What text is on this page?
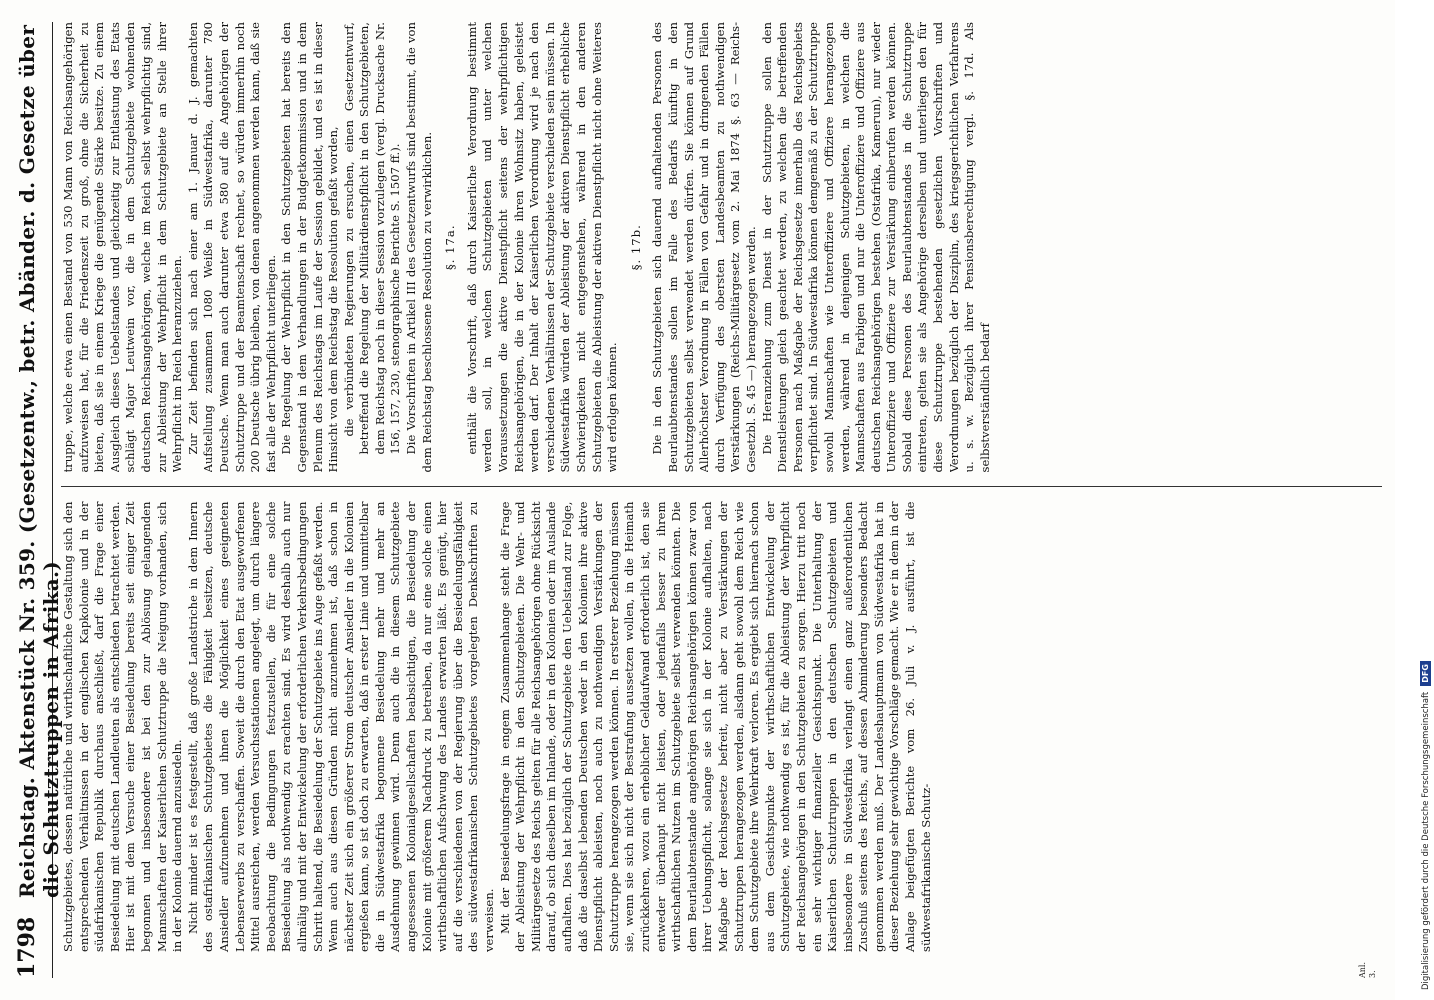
1798
Reichstag. Aktenstück Nr. 359. (Gesetzentw., betr. Abänder. d. Gesetze über die Schutztruppen in Afrika.)
Anl. 3.

Schutzgebietes, dessen natürliche und wirthschaftliche Gestaltung sich den entsprechenden Verhältnissen in der englischen Kapkolonie und in der südafrikanischen Republik durchaus anschließt, darf die Frage einer Besiedelung mit deutschen Landleuten als entschieden betrachtet werden. Hier ist mit dem Versuche einer Besiedelung bereits seit einiger Zeit begonnen und insbesondere ist bei den zur Ablösung gelangenden Mannschaften der Kaiserlichen Schutztruppe die Neigung vorhanden, sich in der Kolonie dauernd anzusiedeln. Nicht minder ist es festgestellt, daß große Landstriche in dem Innern des ostafrikanischen Schutzgebietes die Fähigkeit besitzen, deutsche Ansiedler aufzunehmen und ihnen die Möglichkeit eines geeigneten Lebenserwerbs zu verschaffen. Soweit die durch den Etat ausgeworfenen Mittel ausreichen, werden Versuchsstationen angelegt, um durch längere Beobachtung die Bedingungen festzustellen, die für eine solche Besiedelung als nothwendig zu erachten sind. Es wird deshalb auch nur allmälig und mit der Entwickelung der erforderlichen Verkehrsbedingungen Schritt haltend, die Besiedelung der Schutzgebiete ins Auge gefaßt werden. Wenn auch aus diesen Gründen nicht anzunehmen ist, daß schon in nächster Zeit sich ein größerer Strom deutscher Ansiedler in die Kolonien ergießen kann, so ist doch zu erwarten, daß in erster Linie und unmittelbar die in Südwestafrika begonnene Besiedelung mehr und mehr an Ausdehnung gewinnen wird. Denn auch die in diesem Schutzgebiete angesessenen Kolonialgesellschaften beabsichtigen, die Besiedelung der Kolonie mit größerem Nachdruck zu betreiben, da nur eine solche einen wirthschaftlichen Aufschwung des Landes erwarten läßt. Es genügt, hier auf die verschiedenen von der Regierung über die Besiedelungsfähigkeit des südwestafrikanischen Schutzgebietes vorgelegten Denkschriften zu verweisen. Mit der Besiedelungsfrage in engem Zusammenhange steht die Frage der Ableistung der Wehrpflicht in den Schutzgebieten. Die Wehr- und Militärgesetze des Reichs gelten für alle Reichsangehörigen ohne Rücksicht darauf, ob sich dieselben im Inlande, oder in den Kolonien oder im Auslande aufhalten. Dies hat bezüglich der Schutzgebiete den Uebelstand zur Folge, daß die daselbst lebenden Deutschen weder in den Kolonien ihre aktive Dienstpflicht ableisten, noch auch zu nothwendigen Verstärkungen der Schutztruppe herangezogen werden können. In ersterer Beziehung müssen sie, wenn sie sich nicht der Bestrafung aussetzen wollen, in die Heimath zurückkehren, wozu ein erheblicher Geldaufwand erforderlich ist, den sie entweder überhaupt nicht leisten, oder jedenfalls besser zu ihrem wirthschaftlichen Nutzen im Schutzgebiete selbst verwenden könnten. Die dem Beurlaubtenstande angehörigen Reichsangehörigen können zwar von ihrer Uebungspflicht, solange sie sich in der Kolonie aufhalten, nach Maßgabe der Reichsgesetze befreit, nicht aber zu Verstärkungen der Schutztruppen herangezogen werden, alsdann geht sowohl dem Reich wie dem Schutzgebiete ihre Wehrkraft verloren. Es ergiebt sich hiernach schon aus dem Gesichtspunkte der wirthschaftlichen Entwickelung der Schutzgebiete, wie nothwendig es ist, für die Ableistung der Wehrpflicht der Reichsangehörigen in den Schutzgebieten zu sorgen. Hierzu tritt noch ein sehr wichtiger finanzieller Gesichtspunkt. Die Unterhaltung der Kaiserlichen Schutztruppen in den deutschen Schutzgebieten und insbesondere in Südwestafrika verlangt einen ganz außerordentlichen Zuschuß seitens des Reichs, auf dessen Abminderung besonders Bedacht genommen werden muß. Der Landeshauptmann von Südwestafrika hat in dieser Beziehung sehr gewichtige Vorschläge gemacht. Wie er in dem in der Anlage beigefügten Berichte vom 26. Juli v. J. ausführt, ist die südwestafrikanische Schutz-

truppe, welche etwa einen Bestand von 530 Mann von Reichsangehörigen aufzuweisen hat, für die Friedenszeit zu groß, ohne die Sicherheit zu bieten, daß sie in einem Kriege die genügende Stärke besitze. Zu einem Ausgleich dieses Uebelstandes und gleichzeitig zur Entlastung des Etats schlägt Major Leutwein vor, die in dem Schutzgebiete wohnenden deutschen Reichsangehörigen, welche im Reich selbst wehrpflichtig sind, zur Ableistung der Wehrpflicht in dem Schutzgebiete an Stelle ihrer Wehrpflicht im Reich heranzuziehen. Zur Zeit befinden sich nach einer am 1. Januar d. J. gemachten Aufstellung zusammen 1080 Weiße in Südwestafrika, darunter 780 Deutsche. Wenn man auch darunter etwa 580 auf die Angehörigen der Schutztruppe und der Beamtenschaft rechnet, so würden immerhin noch 200 Deutsche übrig bleiben, von denen angenommen werden kann, daß sie fast alle der Wehrpflicht unterliegen. Die Regelung der Wehrpflicht in den Schutzgebieten hat bereits den Gegenstand in dem Verhandlungen in der Budgetkommission und in dem Plenum des Reichstags im Laufe der Session gebildet, und es ist in dieser Hinsicht von dem Reichstag die Resolution gefaßt worden, die verbündeten Regierungen zu ersuchen, einen Gesetzentwurf, betreffend die Regelung der Militärdienstpflicht in den Schutzgebieten, dem Reichstag noch in dieser Session vorzulegen (vergl. Drucksache Nr. 156, 157, 230, stenographische Berichte S. 1507 ff.). Die Vorschriften in Artikel III des Gesetzentwurfs sind bestimmt, die von dem Reichstag beschlossene Resolution zu verwirklichen. §. 17a. enthält die Vorschrift, daß durch Kaiserliche Verordnung bestimmt werden soll, in welchen Schutzgebieten und unter welchen Voraussetzungen die aktive Dienstpflicht seitens der wehrpflichtigen Reichsangehörigen, die in der Kolonie ihren Wohnsitz haben, geleistet werden darf. Der Inhalt der Kaiserlichen Verordnung wird je nach den verschiedenen Verhältnissen der Schutzgebiete verschieden sein müssen. In Südwestafrika würden der Ableistung der aktiven Dienstpflicht erhebliche Schwierigkeiten nicht entgegenstehen, während in den anderen Schutzgebieten die Ableistung der aktiven Dienstpflicht nicht ohne Weiteres wird erfolgen können.

§. 17b. Die in den Schutzgebieten sich dauernd aufhaltenden Personen des Beurlaubtenstandes sollen im Falle des Bedarfs künftig in den Schutzgebieten selbst verwendet werden dürfen. Sie können auf Grund Allerhöchster Verordnung in Fällen von Gefahr und in dringenden Fällen durch Verfügung des obersten Landesbeamten zu nothwendigen Verstärkungen (Reichs-Militärgesetz vom 2. Mai 1874 §. 63 — Reichs-Gesetzbl. S. 45 —) herangezogen werden. Die Heranziehung zum Dienst in der Schutztruppe sollen den Dienstleistungen gleich geachtet werden, zu welchen die betreffenden Personen nach Maßgabe der Reichsgesetze innerhalb des Reichsgebiets verpflichtet sind. In Südwestafrika können demgemäß zu der Schutztruppe sowohl Mannschaften wie Unteroffiziere und Offiziere herangezogen werden, während in denjenigen Schutzgebieten, in welchen die Mannschaften aus Farbigen und nur die Unteroffiziere und Offiziere aus deutschen Reichsangehörigen bestehen (Ostafrika, Kamerun), nur wieder Unteroffiziere und Offiziere zur Verstärkung einberufen werden können. Sobald diese Personen des Beurlaubtenstandes in die Schutztruppe eintreten, gelten sie als Angehörige derselben und unterliegen den für diese Schutztruppe bestehenden gesetzlichen Vorschriften und Verordnungen bezüglich der Disziplin, des kriegsgerichtlichen Verfahrens u. s. w. Bezüglich ihrer Pensionsberechtigung vergl. §. 17d. Als selbstverständlich bedarf

Digitalisierung gefördert durch die Deutsche Forschungsgemeinschaft
DFG
